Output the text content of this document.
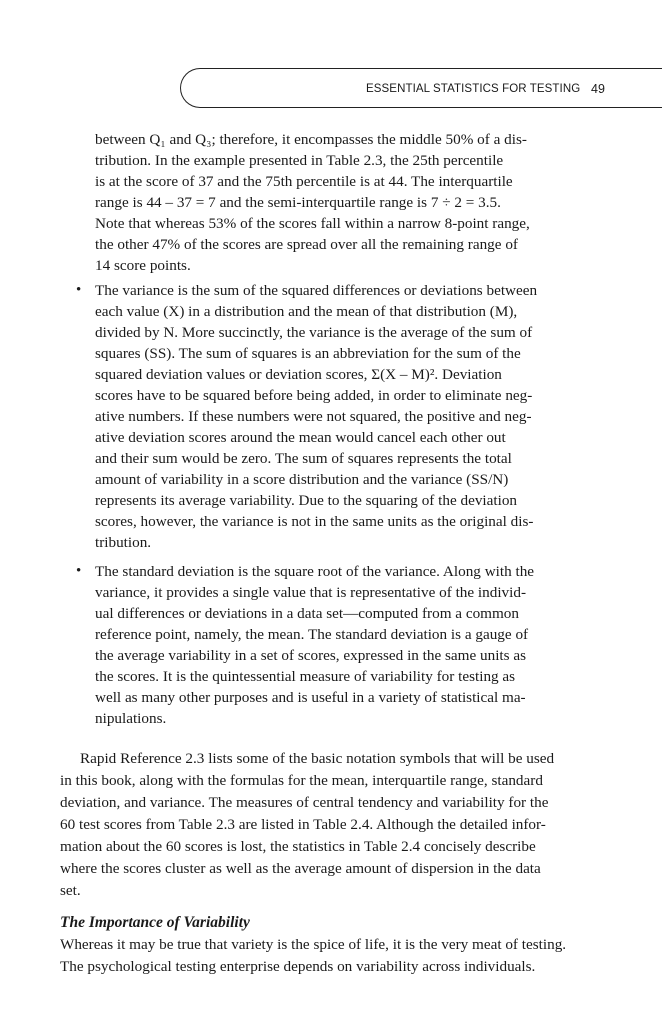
ESSENTIAL STATISTICS FOR TESTING 49
between Q₁ and Q₃; therefore, it encompasses the middle 50% of a dis-
tribution. In the example presented in Table 2.3, the 25th percentile
is at the score of 37 and the 75th percentile is at 44. The interquartile
range is 44 – 37 = 7 and the semi-interquartile range is 7 ÷ 2 = 3.5.
Note that whereas 53% of the scores fall within a narrow 8-point range,
the other 47% of the scores are spread over all the remaining range of
14 score points.
• The variance is the sum of the squared differences or deviations between
each value (X) in a distribution and the mean of that distribution (M),
divided by N. More succinctly, the variance is the average of the sum of
squares (SS). The sum of squares is an abbreviation for the sum of the
squared deviation values or deviation scores, Σ(X – M)². Deviation
scores have to be squared before being added, in order to eliminate neg-
ative numbers. If these numbers were not squared, the positive and neg-
ative deviation scores around the mean would cancel each other out
and their sum would be zero. The sum of squares represents the total
amount of variability in a score distribution and the variance (SS/N)
represents its average variability. Due to the squaring of the deviation
scores, however, the variance is not in the same units as the original dis-
tribution.
• The standard deviation is the square root of the variance. Along with the
variance, it provides a single value that is representative of the individ-
ual differences or deviations in a data set—computed from a common
reference point, namely, the mean. The standard deviation is a gauge of
the average variability in a set of scores, expressed in the same units as
the scores. It is the quintessential measure of variability for testing as
well as many other purposes and is useful in a variety of statistical ma-
nipulations.
Rapid Reference 2.3 lists some of the basic notation symbols that will be used
in this book, along with the formulas for the mean, interquartile range, standard
deviation, and variance. The measures of central tendency and variability for the
60 test scores from Table 2.3 are listed in Table 2.4. Although the detailed infor-
mation about the 60 scores is lost, the statistics in Table 2.4 concisely describe
where the scores cluster as well as the average amount of dispersion in the data
set.
The Importance of Variability
Whereas it may be true that variety is the spice of life, it is the very meat of testing.
The psychological testing enterprise depends on variability across individuals.
